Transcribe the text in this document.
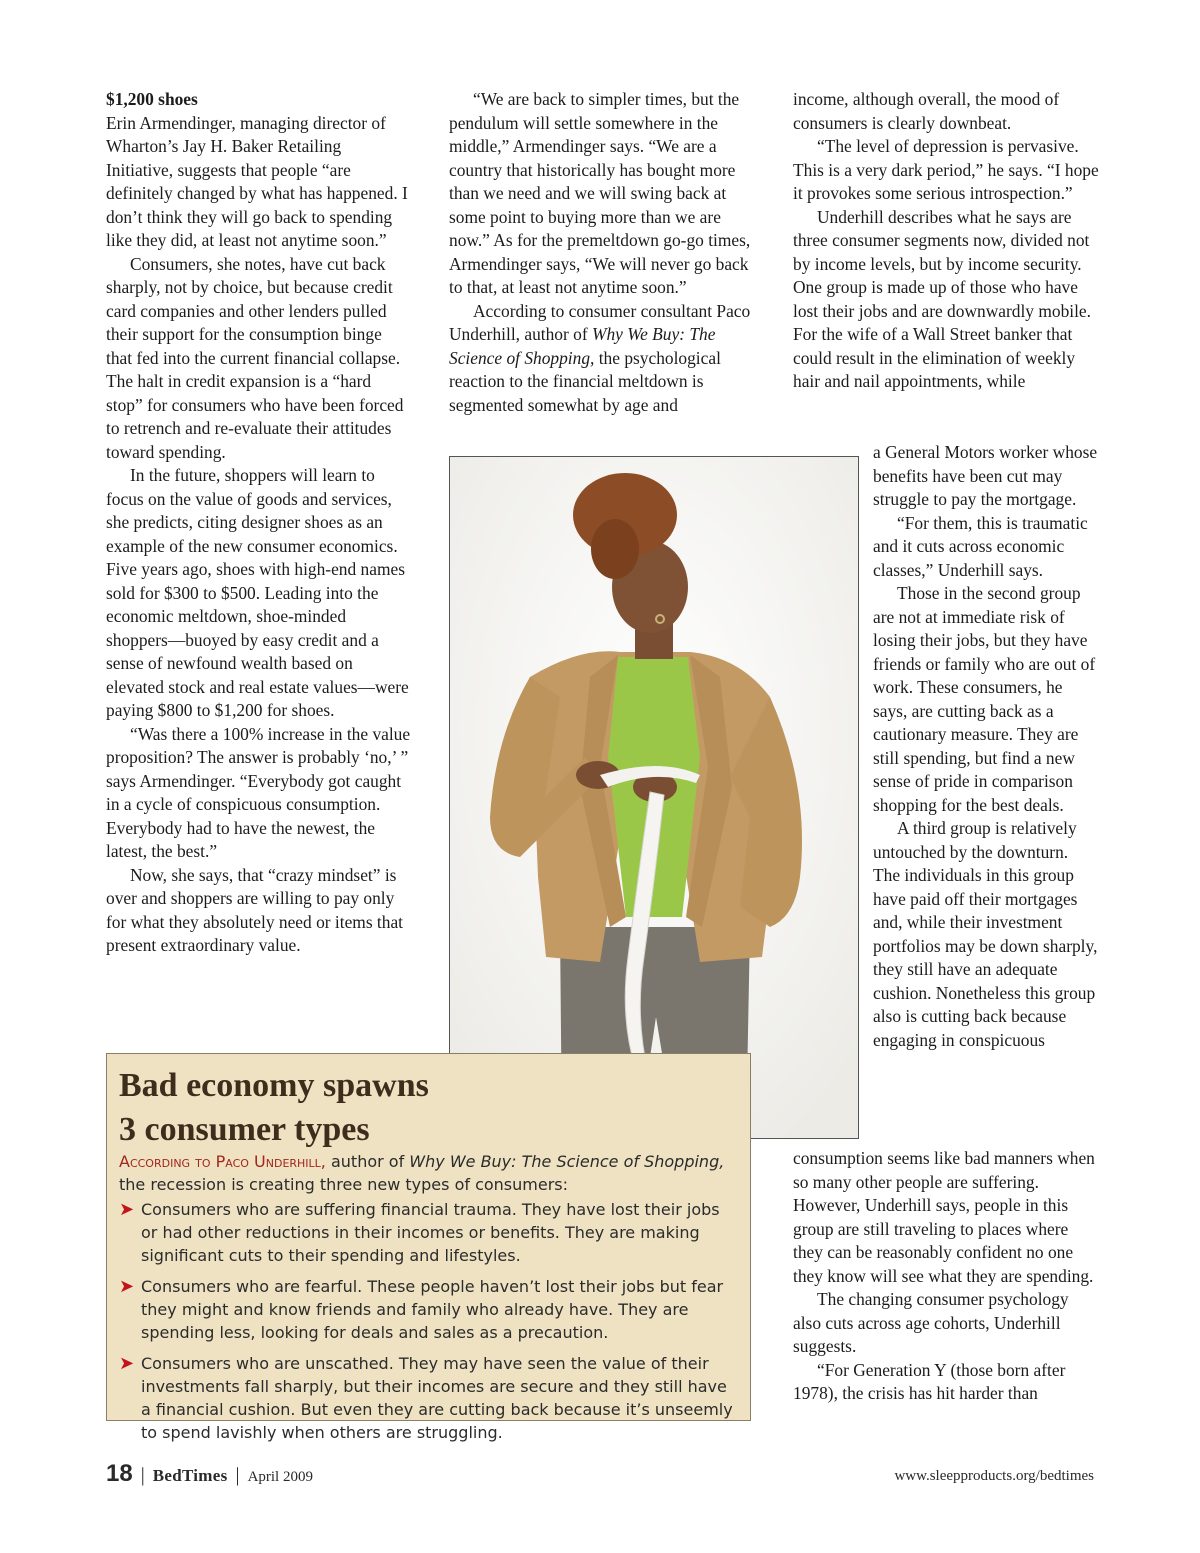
$1,200 shoes

Erin Armendinger, managing director of Wharton’s Jay H. Baker Retailing Initiative, suggests that people “are definitely changed by what has happened. I don’t think they will go back to spending like they did, at least not anytime soon.”

Consumers, she notes, have cut back sharply, not by choice, but because credit card companies and other lenders pulled their support for the consumption binge that fed into the current financial collapse. The halt in credit expansion is a “hard stop” for consumers who have been forced to retrench and re-evaluate their attitudes toward spending.

In the future, shoppers will learn to focus on the value of goods and services, she predicts, citing designer shoes as an example of the new consumer economics. Five years ago, shoes with high-end names sold for $300 to $500. Leading into the economic meltdown, shoe-minded shoppers—buoyed by easy credit and a sense of newfound wealth based on elevated stock and real estate values—were paying $800 to $1,200 for shoes.

“Was there a 100% increase in the value proposition? The answer is probably ‘no,’ ” says Armendinger. “Everybody got caught in a cycle of conspicuous consumption. Everybody had to have the newest, the latest, the best.”

Now, she says, that “crazy mindset” is over and shoppers are willing to pay only for what they absolutely need or items that present extraordinary value.

“We are back to simpler times, but the pendulum will settle somewhere in the middle,” Armendinger says. “We are a country that historically has bought more than we need and we will swing back at some point to buying more than we are now.” As for the premeltdown go-go times, Armendinger says, “We will never go back to that, at least not anytime soon.”

According to consumer consultant Paco Underhill, author of Why We Buy: The Science of Shopping, the psychological reaction to the financial meltdown is segmented somewhat by age and

income, although overall, the mood of consumers is clearly downbeat.

“The level of depression is pervasive. This is a very dark period,” he says. “I hope it provokes some serious introspection.”

Underhill describes what he says are three consumer segments now, divided not by income levels, but by income security. One group is made up of those who have lost their jobs and are downwardly mobile. For the wife of a Wall Street banker that could result in the elimination of weekly hair and nail appointments, while

a General Motors worker whose benefits have been cut may struggle to pay the mortgage.

“For them, this is traumatic and it cuts across economic classes,” Underhill says.

Those in the second group are not at immediate risk of losing their jobs, but they have friends or family who are out of work. These consumers, he says, are cutting back as a cautionary measure. They are still spending, but find a new sense of pride in comparison shopping for the best deals.

A third group is relatively untouched by the downturn. The individuals in this group have paid off their mortgages and, while their investment portfolios may be down sharply, they still have an adequate cushion. Nonetheless this group also is cutting back because engaging in conspicuous

consumption seems like bad manners when so many other people are suffering. However, Underhill says, people in this group are still traveling to places where they can be reasonably confident no one they know will see what they are spending.

The changing consumer psychology also cuts across age cohorts, Underhill suggests.

“For Generation Y (those born after 1978), the crisis has hit harder than

Bad economy spawns 3 consumer types
According to Paco Underhill, author of Why We Buy: The Science of Shopping, the recession is creating three new types of consumers:
➤ Consumers who are suffering financial trauma. They have lost their jobs or had other reductions in their incomes or benefits. They are making significant cuts to their spending and lifestyles.
➤ Consumers who are fearful. These people haven’t lost their jobs but fear they might and know friends and family who already have. They are spending less, looking for deals and sales as a precaution.
➤ Consumers who are unscathed. They may have seen the value of their investments fall sharply, but their incomes are secure and they still have a financial cushion. But even they are cutting back because it’s unseemly to spend lavishly when others are struggling.
18 | BedTimes | April 2009	www.sleepproducts.org/bedtimes
